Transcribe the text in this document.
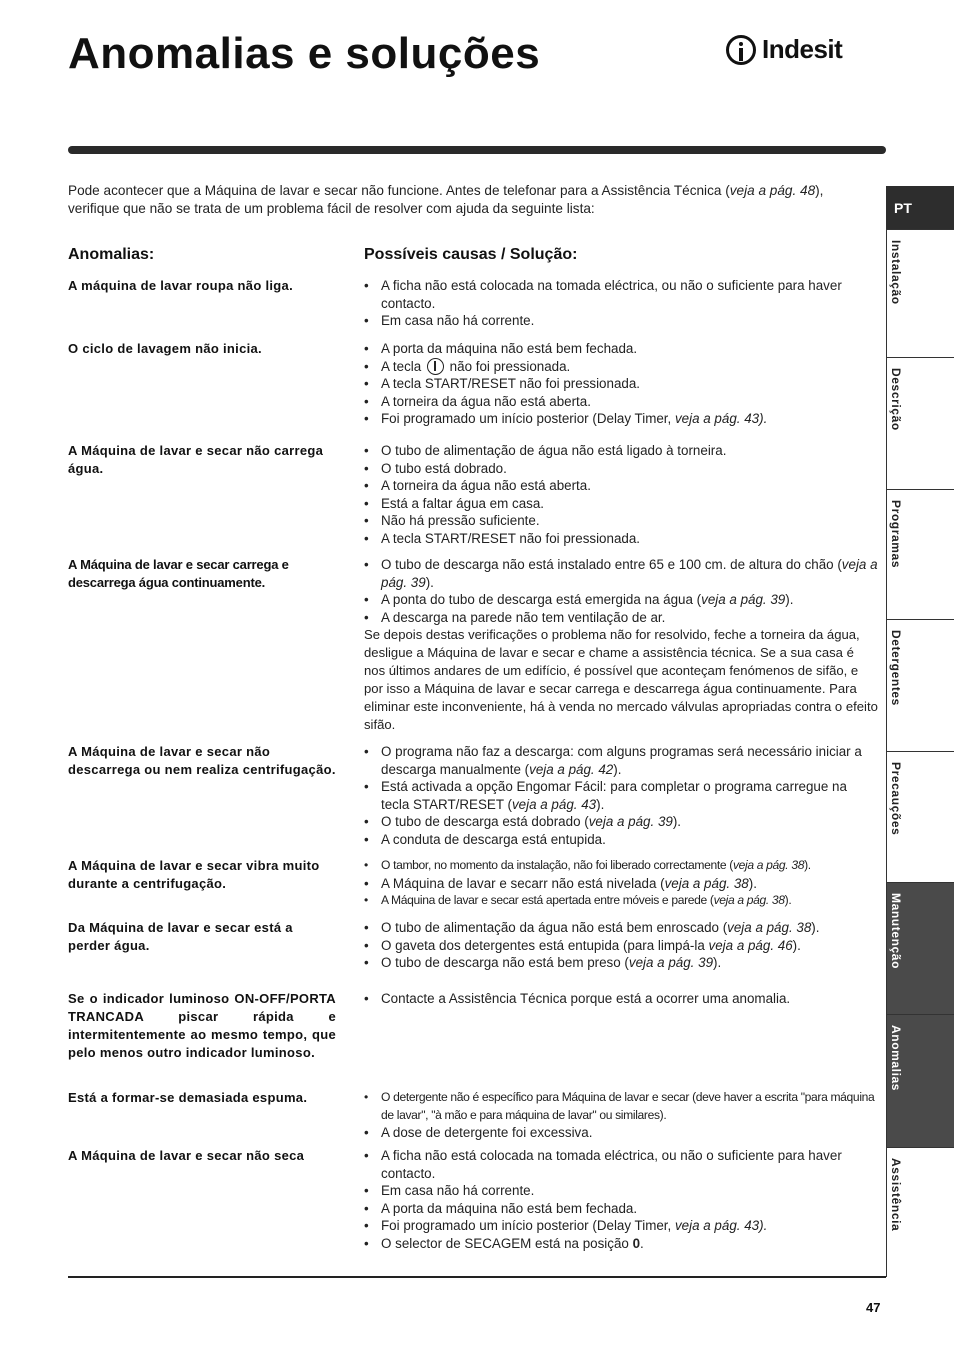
Anomalias e soluções	Indesit

Pode acontecer que a Máquina de lavar e secar não funcione. Antes de telefonar para a Assistência Técnica (veja a pág. 48), verifique que não se trata de um problema fácil de resolver com ajuda da seguinte lista:

Anomalias:	Possíveis causas / Solução:
A máquina de lavar roupa não liga.	• A ficha não está colocada na tomada eléctrica, ou não o suficiente para haver contacto.
• Em casa não há corrente.
O ciclo de lavagem não inicia.	• A porta da máquina não está bem fechada.
• A tecla não foi pressionada.
• A tecla START/RESET não foi pressionada.
• A torneira da água não está aberta.
• Foi programado um início posterior (Delay Timer, veja a pág. 43).
A Máquina de lavar e secar não carrega água.
• O tubo de alimentação de água não está ligado à torneira.
• O tubo está dobrado.
• A torneira da água não está aberta.
• Está a faltar água em casa.
• Não há pressão suficiente.
• A tecla START/RESET não foi pressionada.
A Máquina de lavar e secar carrega e descarrega água continuamente.
• O tubo de descarga não está instalado entre 65 e 100 cm. de altura do chão (veja a pág. 39).
• A ponta do tubo de descarga está emergida na água (veja a pág. 39).
• A descarga na parede não tem ventilação de ar.

Se depois destas verificações o problema não for resolvido, feche a torneira da água, desligue a Máquina de lavar e secar e chame a assistência técnica. Se a sua casa é nos últimos andares de um edifício, é possível que aconteçam fenómenos de sifão, e por isso a Máquina de lavar e secar carrega e descarrega água continuamente. Para eliminar este inconveniente, há à venda no mercado válvulas apropriadas contra o efeito sifão.

A Máquina de lavar e secar não descarrega ou nem realiza centrifugação.
• O programa não faz a descarga: com alguns programas será necessário iniciar a descarga manualmente (veja a pág. 42).
• Está activada a opção Engomar Fácil: para completar o programa carregue na tecla START/RESET (veja a pág. 43).
• O tubo de descarga está dobrado (veja a pág. 39).
• A conduta de descarga está entupida.
A Máquina de lavar e secar vibra muito durante a centrifugação.
• O tambor, no momento da instalação, não foi liberado correctamente (veja a pág. 38).
• A Máquina de lavar e secarr não está nivelada (veja a pág. 38).
• A Máquina de lavar e secar está apertada entre móveis e parede (veja a pág. 38).
Da Máquina de lavar e secar está a perder água.
• O tubo de alimentação da água não está bem enroscado (veja a pág. 38).
• O gaveta dos detergentes está entupida (para limpá-la veja a pág. 46).
• O tubo de descarga não está bem preso (veja a pág. 39).
Se o indicador luminoso ON-OFF/PORTA TRANCADA piscar rápida e intermitentemente ao mesmo tempo, que pelo menos outro indicador luminoso.
• Contacte a Assistência Técnica porque está a ocorrer uma anomalia.
Está a formar-se demasiada espuma.	• O detergente não é específico para Máquina de lavar e secar (deve haver a escrita "para máquina de lavar", "à mão e para máquina de lavar" ou similares).
• A dose de detergente foi excessiva.
A Máquina de lavar e secar não seca	• A ficha não está colocada na tomada eléctrica, ou não o suficiente para haver contacto.
• Em casa não há corrente.
• A porta da máquina não está bem fechada.
• Foi programado um início posterior (Delay Timer, veja a pág. 43).
• O selector de SECAGEM está na posição 0.
PT
Instalação
Descrição
Programas
Detergentes
Precauções
Manutenção
Anomalias
Assistência
47
